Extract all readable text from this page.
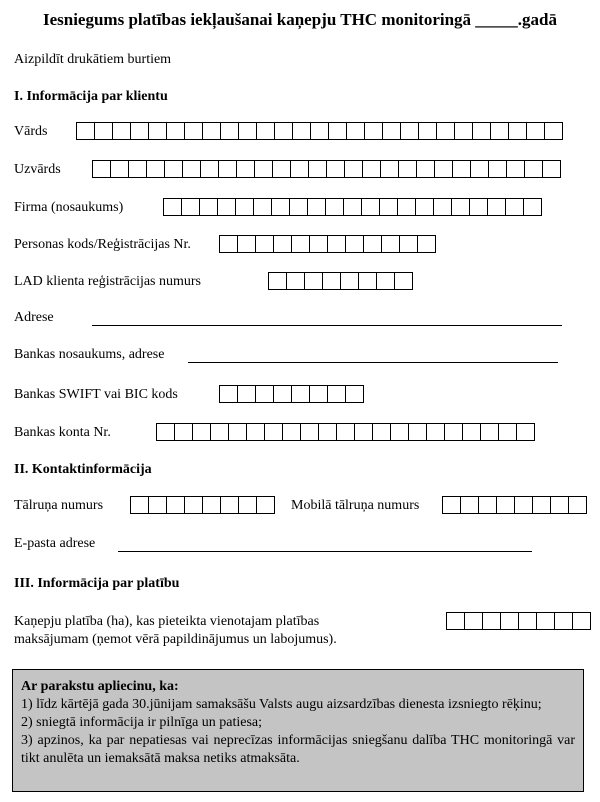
Iesniegums platības iekļaušanai kaņepju THC monitoringā _____.gadā
Aizpildīt drukātiem burtiem
I. Informācija par klientu
Vārds
Uzvārds
Firma (nosaukums)
Personas kods/Reģistrācijas Nr.
LAD klienta reģistrācijas numurs
Adrese
Bankas nosaukums, adrese
Bankas SWIFT vai BIC kods
Bankas konta Nr.
II. Kontaktinformācija
Tālruņa numurs	Mobilā tālruņa numurs
E-pasta adrese
III. Informācija par platību
Kaņepju platība (ha), kas pieteikta vienotajam platības
maksājumam (ņemot vērā papildinājumus un labojumus).

Ar parakstu apliecinu, ka:

1) līdz kārtējā gada 30.jūnijam samaksāšu Valsts augu aizsardzības dienesta izsniegto rēķinu;

2) sniegtā informācija ir pilnīga un patiesa;

3) apzinos, ka par nepatiesas vai neprecīzas informācijas sniegšanu dalība THC monitoringā var tikt anulēta un iemaksātā maksa netiks atmaksāta.
